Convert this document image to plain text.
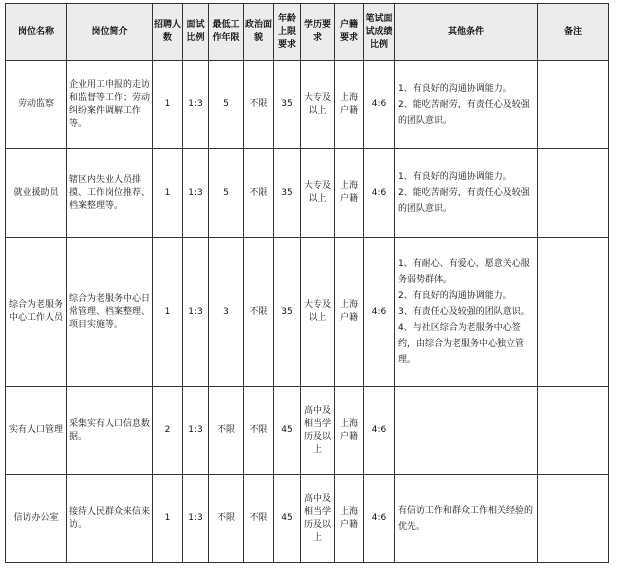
岗位名称	岗位简介	招聘人数	面试比例	最低工作年限	政治面貌	年龄上限要求	学历要求	户籍要求	笔试面试成绩比例	其他条件	备注
劳动监察	企业用工申报的走访和监督等工作；劳动纠纷案件调解工作等。	1	1:3	5	不限	35	大专及以上	上海户籍	4:6	1、有良好的沟通协调能力。
2、能吃苦耐劳，有责任心及较强的团队意识。	

就业援助员	辖区内失业人员排摸、工作岗位推荐、档案整理等。	1	1:3	5	不限	35	大专及以上	上海户籍	4:6	1、有良好的沟通协调能力。
2、能吃苦耐劳，有责任心及较强的团队意识。	

综合为老服务中心工作人员	综合为老服务中心日常管理、档案整理、项目实施等。	1	1:3	3	不限	35	大专及以上	上海户籍	4:6	1、有耐心、有爱心，愿意关心服务弱势群体。
2、有良好的沟通协调能力。
3、有责任心及较强的团队意识。
4、与社区综合为老服务中心签约，由综合为老服务中心独立管理。	

实有人口管理	采集实有人口信息数据。	2	1:3	不限	不限	45	高中及相当学历及以上	上海户籍	4:6	

信访办公室	接待人民群众来信来访。	1	1:3	不限	不限	45	高中及相当学历及以上	上海户籍	4:6	有信访工作和群众工作相关经验的优先。	
